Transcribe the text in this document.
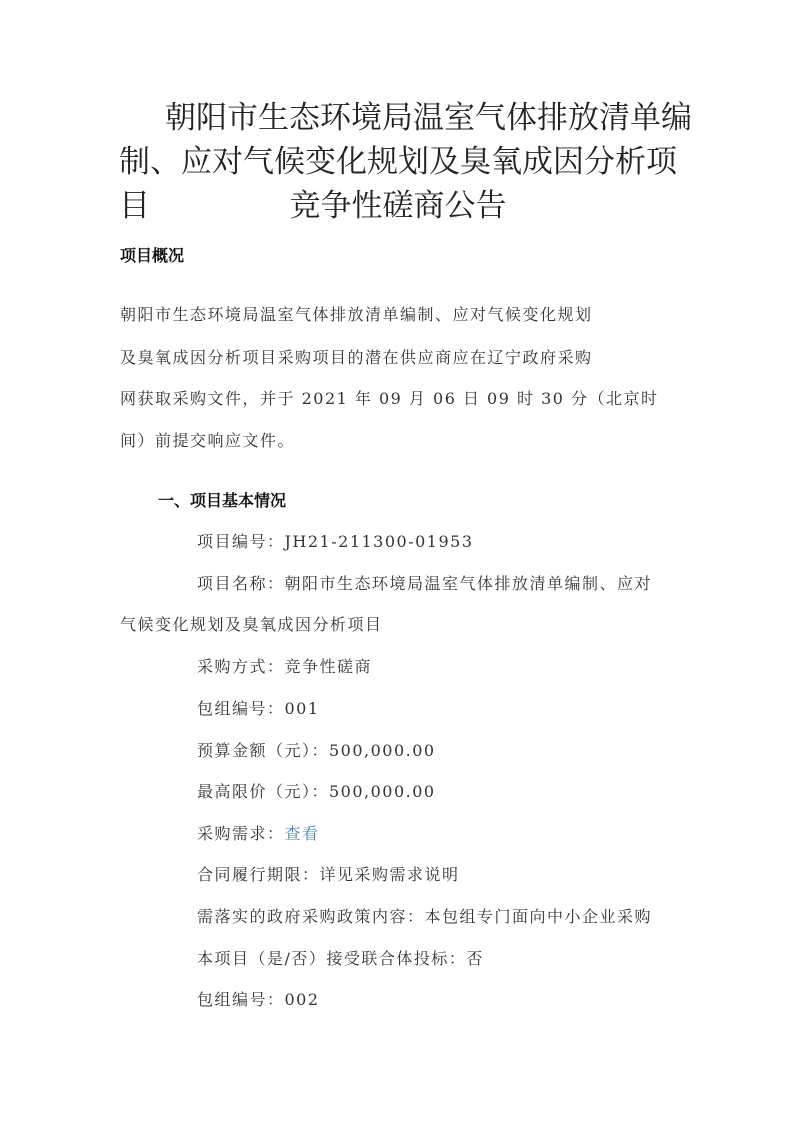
朝阳市生态环境局温室气体排放清单编
制、应对气候变化规划及臭氧成因分析项目	竞争性磋商公告
项目概况
朝阳市生态环境局温室气体排放清单编制、应对气候变化规划
及臭氧成因分析项目采购项目的潜在供应商应在辽宁政府采购
网获取采购文件，并于 2021 年 09 月 06 日 09 时 30 分（北京时
间）前提交响应文件。
一、项目基本情况
项目编号：JH21-211300-01953
项目名称：朝阳市生态环境局温室气体排放清单编制、应对
气候变化规划及臭氧成因分析项目
采购方式：竞争性磋商
包组编号：001
预算金额（元）：500,000.00
最高限价（元）：500,000.00
采购需求：查看
合同履行期限：详见采购需求说明
需落实的政府采购政策内容：本包组专门面向中小企业采购
本项目（是/否）接受联合体投标：否
包组编号：002
